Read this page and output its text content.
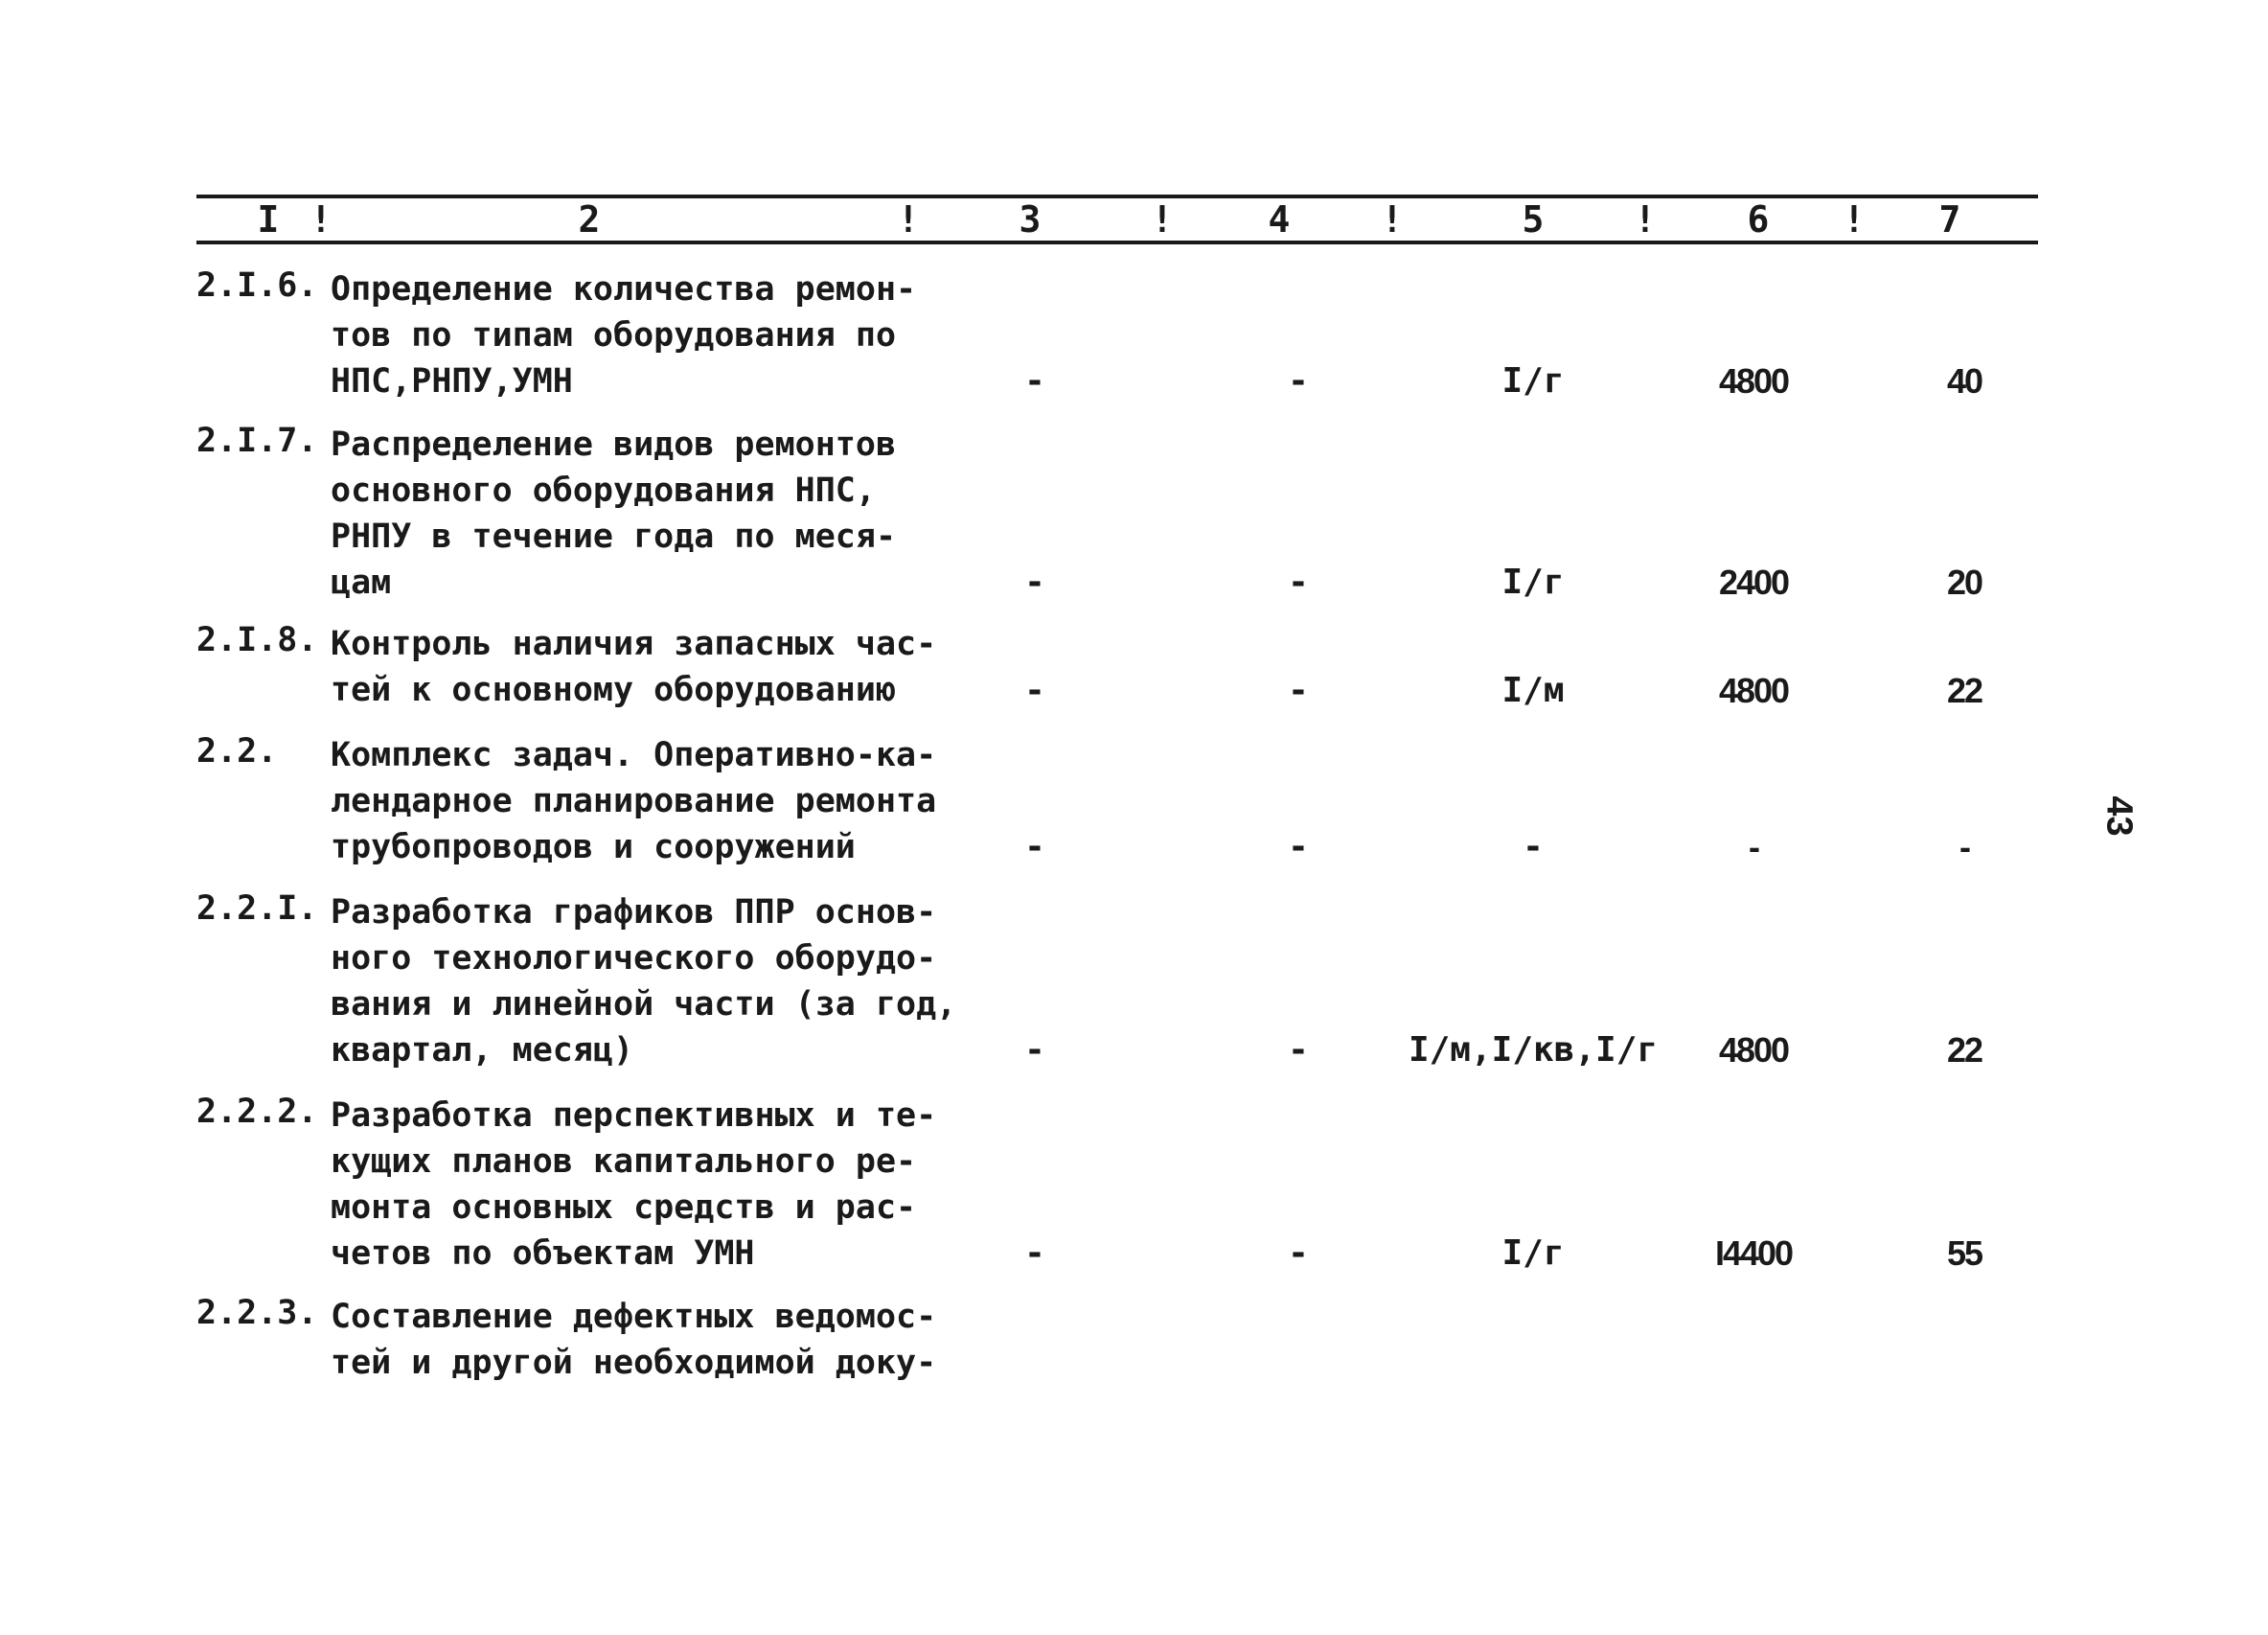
I !	2	!	3	!	4	!	5	!	6	!	7
2.I.6. Определение количества ремон-
тов по типам оборудования по
НПС,РНПУ,УМН	-	-	I/г	4800	40
2.I.7. Распределение видов ремонтов
основного оборудования НПС,
РНПУ в течение года по меся-
цам	-	-	I/г	2400	20
2.I.8. Контроль наличия запасных час-
тей к основному оборудованию	-	-	I/м	4800	22
2.2. Комплекс задач. Оперативно-ка-
лендарное планирование ремонта
трубопроводов и сооружений	-	-	-	-	-
2.2.I. Разработка графиков ППР основ-
ного технологического оборудо-
вания и линейной части (за год,
квартал, месяц)	-	-	I/м,I/кв,I/г	4800	22
2.2.2. Разработка перспективных и те-
кущих планов капитального ре-
монта основных средств и рас-
четов по объектам УМН	-	-	I/г	I4400	55
2.2.3. Составление дефектных ведомос-
тей и другой необходимой доку-
43
